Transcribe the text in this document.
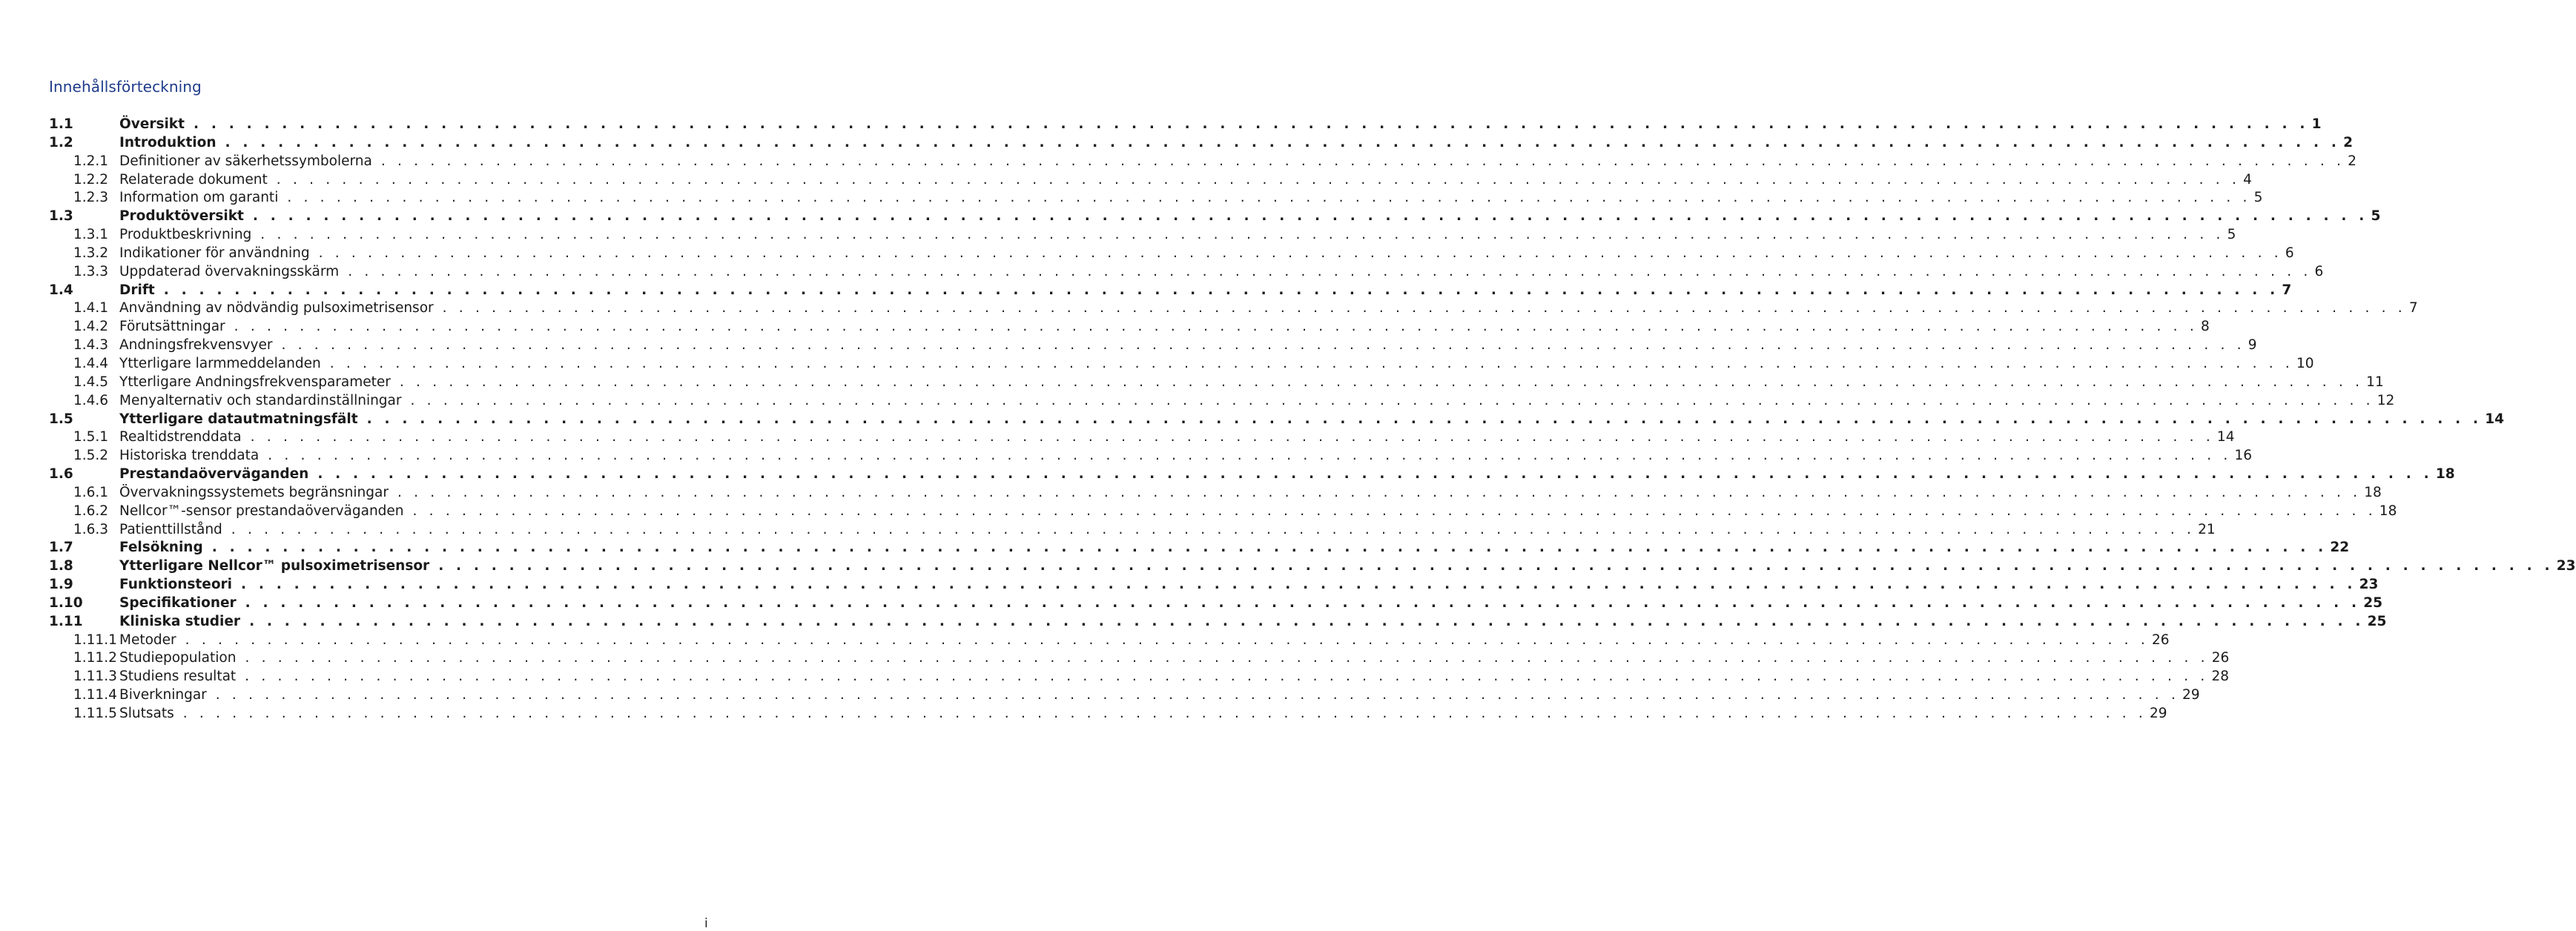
Innehållsförteckning
1.1	Översikt . . . . . . . . . . . . . . . . . . . . . . . . . . . . . . . . . . . . . . . . . . . . . . . . . . . . . . . . . . . . . . . . . . . . . . . . . . . . . . . . . . . . . . . . . . . . . . . . . . . . . . . . . . . . . . . . . . . . . . . . 1
1.2	Introduktion . . . . . . . . . . . . . . . . . . . . . . . . . . . . . . . . . . . . . . . . . . . . . . . . . . . . . . . . . . . . . . . . . . . . . . . . . . . . . . . . . . . . . . . . . . . . . . . . . . . . . . . . . . . . . . . . . . . . . . . . 2
1.2.1 Definitioner av säkerhetssymbolerna . . . . . . . . . . . . . . . . . . . . . . . . . . . . . . . . . . . . . . . . . . . . . . . . . . . . . . . . . . . . . . . . . . . . . . . . . . . . . . . . . . . . . . . . . . . . . . . . . . . . . . . . . . . . . . . . . . . . . . . . 2
1.2.2 Relaterade dokument . . . . . . . . . . . . . . . . . . . . . . . . . . . . . . . . . . . . . . . . . . . . . . . . . . . . . . . . . . . . . . . . . . . . . . . . . . . . . . . . . . . . . . . . . . . . . . . . . . . . . . . . . . . . . . . . . . . . . . . . 4
1.2.3 Information om garanti . . . . . . . . . . . . . . . . . . . . . . . . . . . . . . . . . . . . . . . . . . . . . . . . . . . . . . . . . . . . . . . . . . . . . . . . . . . . . . . . . . . . . . . . . . . . . . . . . . . . . . . . . . . . . . . . . . . . . . . . 5
1.3	Produktöversikt . . . . . . . . . . . . . . . . . . . . . . . . . . . . . . . . . . . . . . . . . . . . . . . . . . . . . . . . . . . . . . . . . . . . . . . . . . . . . . . . . . . . . . . . . . . . . . . . . . . . . . . . . . . . . . . . . . . . . . . . 5
1.3.1 Produktbeskrivning . . . . . . . . . . . . . . . . . . . . . . . . . . . . . . . . . . . . . . . . . . . . . . . . . . . . . . . . . . . . . . . . . . . . . . . . . . . . . . . . . . . . . . . . . . . . . . . . . . . . . . . . . . . . . . . . . . . . . . . . 5
1.3.2 Indikationer för användning . . . . . . . . . . . . . . . . . . . . . . . . . . . . . . . . . . . . . . . . . . . . . . . . . . . . . . . . . . . . . . . . . . . . . . . . . . . . . . . . . . . . . . . . . . . . . . . . . . . . . . . . . . . . . . . . . . . . . . . . 6
1.3.3 Uppdaterad övervakningsskärm . . . . . . . . . . . . . . . . . . . . . . . . . . . . . . . . . . . . . . . . . . . . . . . . . . . . . . . . . . . . . . . . . . . . . . . . . . . . . . . . . . . . . . . . . . . . . . . . . . . . . . . . . . . . . . . . . . . . . . . . 6
1.4	Drift . . . . . . . . . . . . . . . . . . . . . . . . . . . . . . . . . . . . . . . . . . . . . . . . . . . . . . . . . . . . . . . . . . . . . . . . . . . . . . . . . . . . . . . . . . . . . . . . . . . . . . . . . . . . . . . . . . . . . . . . 7
1.4.1 Användning av nödvändig pulsoximetrisensor . . . . . . . . . . . . . . . . . . . . . . . . . . . . . . . . . . . . . . . . . . . . . . . . . . . . . . . . . . . . . . . . . . . . . . . . . . . . . . . . . . . . . . . . . . . . . . . . . . . . . . . . . . . . . . . . . . . . . . . . 7
1.4.2 Förutsättningar . . . . . . . . . . . . . . . . . . . . . . . . . . . . . . . . . . . . . . . . . . . . . . . . . . . . . . . . . . . . . . . . . . . . . . . . . . . . . . . . . . . . . . . . . . . . . . . . . . . . . . . . . . . . . . . . . . . . . . . . 8
1.4.3 Andningsfrekvensvyer . . . . . . . . . . . . . . . . . . . . . . . . . . . . . . . . . . . . . . . . . . . . . . . . . . . . . . . . . . . . . . . . . . . . . . . . . . . . . . . . . . . . . . . . . . . . . . . . . . . . . . . . . . . . . . . . . . . . . . . . 9
1.4.4 Ytterligare larmmeddelanden . . . . . . . . . . . . . . . . . . . . . . . . . . . . . . . . . . . . . . . . . . . . . . . . . . . . . . . . . . . . . . . . . . . . . . . . . . . . . . . . . . . . . . . . . . . . . . . . . . . . . . . . . . . . . . . . . . . . . . . . 10
1.4.5 Ytterligare Andningsfrekvensparameter . . . . . . . . . . . . . . . . . . . . . . . . . . . . . . . . . . . . . . . . . . . . . . . . . . . . . . . . . . . . . . . . . . . . . . . . . . . . . . . . . . . . . . . . . . . . . . . . . . . . . . . . . . . . . . . . . . . . . . . . 11
1.4.6 Menyalternativ och standardinställningar . . . . . . . . . . . . . . . . . . . . . . . . . . . . . . . . . . . . . . . . . . . . . . . . . . . . . . . . . . . . . . . . . . . . . . . . . . . . . . . . . . . . . . . . . . . . . . . . . . . . . . . . . . . . . . . . . . . . . . . . 12
1.5	Ytterligare datautmatningsfält . . . . . . . . . . . . . . . . . . . . . . . . . . . . . . . . . . . . . . . . . . . . . . . . . . . . . . . . . . . . . . . . . . . . . . . . . . . . . . . . . . . . . . . . . . . . . . . . . . . . . . . . . . . . . . . . . . . . . . . . 14
1.5.1 Realtidstrenddata . . . . . . . . . . . . . . . . . . . . . . . . . . . . . . . . . . . . . . . . . . . . . . . . . . . . . . . . . . . . . . . . . . . . . . . . . . . . . . . . . . . . . . . . . . . . . . . . . . . . . . . . . . . . . . . . . . . . . . . . 14
1.5.2 Historiska trenddata . . . . . . . . . . . . . . . . . . . . . . . . . . . . . . . . . . . . . . . . . . . . . . . . . . . . . . . . . . . . . . . . . . . . . . . . . . . . . . . . . . . . . . . . . . . . . . . . . . . . . . . . . . . . . . . . . . . . . . . . 16
1.6	Prestandaöverväganden . . . . . . . . . . . . . . . . . . . . . . . . . . . . . . . . . . . . . . . . . . . . . . . . . . . . . . . . . . . . . . . . . . . . . . . . . . . . . . . . . . . . . . . . . . . . . . . . . . . . . . . . . . . . . . . . . . . . . . . . 18
1.6.1 Övervakningssystemets begränsningar . . . . . . . . . . . . . . . . . . . . . . . . . . . . . . . . . . . . . . . . . . . . . . . . . . . . . . . . . . . . . . . . . . . . . . . . . . . . . . . . . . . . . . . . . . . . . . . . . . . . . . . . . . . . . . . . . . . . . . . . 18
1.6.2 Nellcor™-sensor prestandaöverväganden . . . . . . . . . . . . . . . . . . . . . . . . . . . . . . . . . . . . . . . . . . . . . . . . . . . . . . . . . . . . . . . . . . . . . . . . . . . . . . . . . . . . . . . . . . . . . . . . . . . . . . . . . . . . . . . . . . . . . . . . 18
1.6.3 Patienttillstånd . . . . . . . . . . . . . . . . . . . . . . . . . . . . . . . . . . . . . . . . . . . . . . . . . . . . . . . . . . . . . . . . . . . . . . . . . . . . . . . . . . . . . . . . . . . . . . . . . . . . . . . . . . . . . . . . . . . . . . . . 21
1.7	Felsökning . . . . . . . . . . . . . . . . . . . . . . . . . . . . . . . . . . . . . . . . . . . . . . . . . . . . . . . . . . . . . . . . . . . . . . . . . . . . . . . . . . . . . . . . . . . . . . . . . . . . . . . . . . . . . . . . . . . . . . . . 22
1.8	Ytterligare Nellcor™ pulsoximetrisensor . . . . . . . . . . . . . . . . . . . . . . . . . . . . . . . . . . . . . . . . . . . . . . . . . . . . . . . . . . . . . . . . . . . . . . . . . . . . . . . . . . . . . . . . . . . . . . . . . . . . . . . . . . . . . . . . . . . . . . . . 23
1.9	Funktionsteori . . . . . . . . . . . . . . . . . . . . . . . . . . . . . . . . . . . . . . . . . . . . . . . . . . . . . . . . . . . . . . . . . . . . . . . . . . . . . . . . . . . . . . . . . . . . . . . . . . . . . . . . . . . . . . . . . . . . . . . . 23
1.10	Specifikationer . . . . . . . . . . . . . . . . . . . . . . . . . . . . . . . . . . . . . . . . . . . . . . . . . . . . . . . . . . . . . . . . . . . . . . . . . . . . . . . . . . . . . . . . . . . . . . . . . . . . . . . . . . . . . . . . . . . . . . . . 25
1.11	Kliniska studier . . . . . . . . . . . . . . . . . . . . . . . . . . . . . . . . . . . . . . . . . . . . . . . . . . . . . . . . . . . . . . . . . . . . . . . . . . . . . . . . . . . . . . . . . . . . . . . . . . . . . . . . . . . . . . . . . . . . . . . . 25
1.11.1 Metoder . . . . . . . . . . . . . . . . . . . . . . . . . . . . . . . . . . . . . . . . . . . . . . . . . . . . . . . . . . . . . . . . . . . . . . . . . . . . . . . . . . . . . . . . . . . . . . . . . . . . . . . . . . . . . . . . . . . . . . . . 26
1.11.2 Studiepopulation . . . . . . . . . . . . . . . . . . . . . . . . . . . . . . . . . . . . . . . . . . . . . . . . . . . . . . . . . . . . . . . . . . . . . . . . . . . . . . . . . . . . . . . . . . . . . . . . . . . . . . . . . . . . . . . . . . . . . . . . 26
1.11.3 Studiens resultat . . . . . . . . . . . . . . . . . . . . . . . . . . . . . . . . . . . . . . . . . . . . . . . . . . . . . . . . . . . . . . . . . . . . . . . . . . . . . . . . . . . . . . . . . . . . . . . . . . . . . . . . . . . . . . . . . . . . . . . . 28
1.11.4 Biverkningar . . . . . . . . . . . . . . . . . . . . . . . . . . . . . . . . . . . . . . . . . . . . . . . . . . . . . . . . . . . . . . . . . . . . . . . . . . . . . . . . . . . . . . . . . . . . . . . . . . . . . . . . . . . . . . . . . . . . . . . . 29
1.11.5 Slutsats . . . . . . . . . . . . . . . . . . . . . . . . . . . . . . . . . . . . . . . . . . . . . . . . . . . . . . . . . . . . . . . . . . . . . . . . . . . . . . . . . . . . . . . . . . . . . . . . . . . . . . . . . . . . . . . . . . . . . . . . 29
i
